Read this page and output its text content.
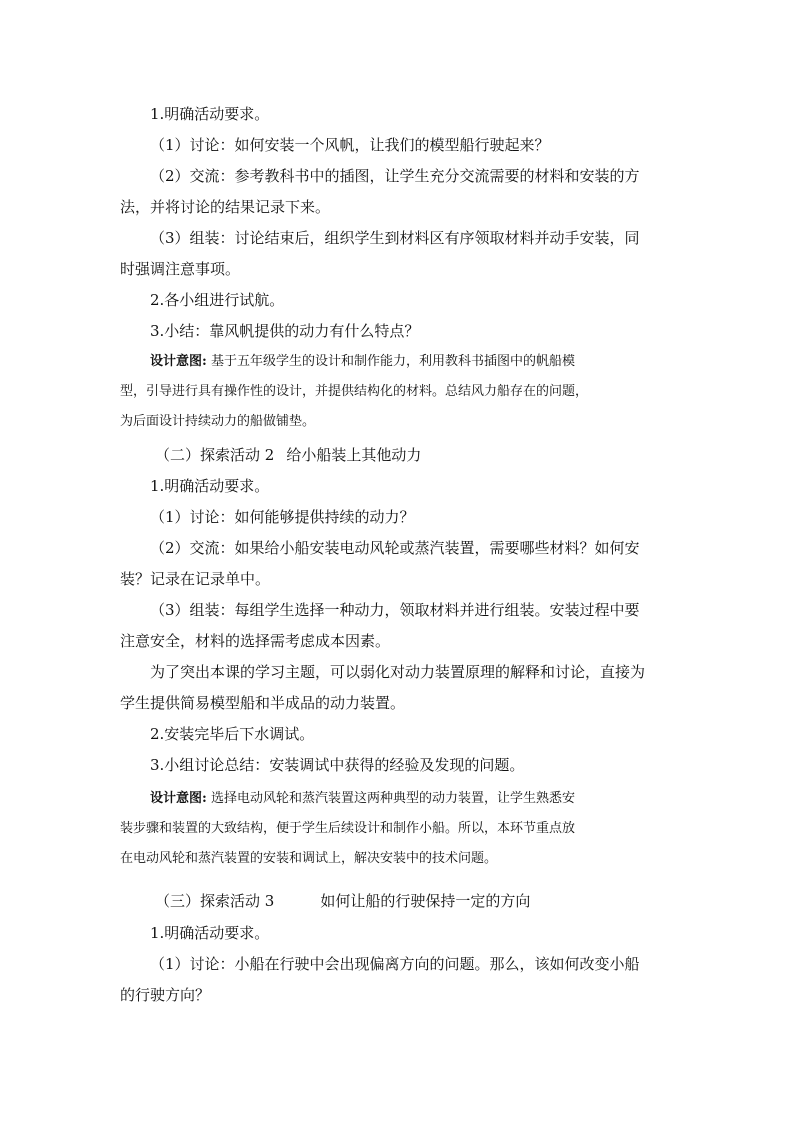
1.明确活动要求。
（1）讨论：如何安装一个风帆，让我们的模型船行驶起来？
（2）交流：参考教科书中的插图，让学生充分交流需要的材料和安装的方
法，并将讨论的结果记录下来。
（3）组装：讨论结束后，组织学生到材料区有序领取材料并动手安装，同
时强调注意事项。
2.各小组进行试航。
3.小结：靠风帆提供的动力有什么特点？
设计意图: 基于五年级学生的设计和制作能力，利用教科书插图中的帆船模
型，引导进行具有操作性的设计，并提供结构化的材料。总结风力船存在的问题，
为后面设计持续动力的船做铺垫。
（二）探索活动 2 给小船装上其他动力
1.明确活动要求。
（1）讨论：如何能够提供持续的动力？
（2）交流：如果给小船安装电动风轮或蒸汽装置，需要哪些材料？如何安
装？记录在记录单中。
（3）组装：每组学生选择一种动力，领取材料并进行组装。安装过程中要
注意安全，材料的选择需考虑成本因素。
为了突出本课的学习主题，可以弱化对动力装置原理的解释和讨论，直接为
学生提供简易模型船和半成品的动力装置。
2.安装完毕后下水调试。
3.小组讨论总结：安装调试中获得的经验及发现的问题。
设计意图: 选择电动风轮和蒸汽装置这两种典型的动力装置，让学生熟悉安
装步骤和装置的大致结构，便于学生后续设计和制作小船。所以，本环节重点放
在电动风轮和蒸汽装置的安装和调试上，解决安装中的技术问题。
（三）探索活动 3	如何让船的行驶保持一定的方向
1.明确活动要求。
（1）讨论：小船在行驶中会出现偏离方向的问题。那么，该如何改变小船
的行驶方向？
